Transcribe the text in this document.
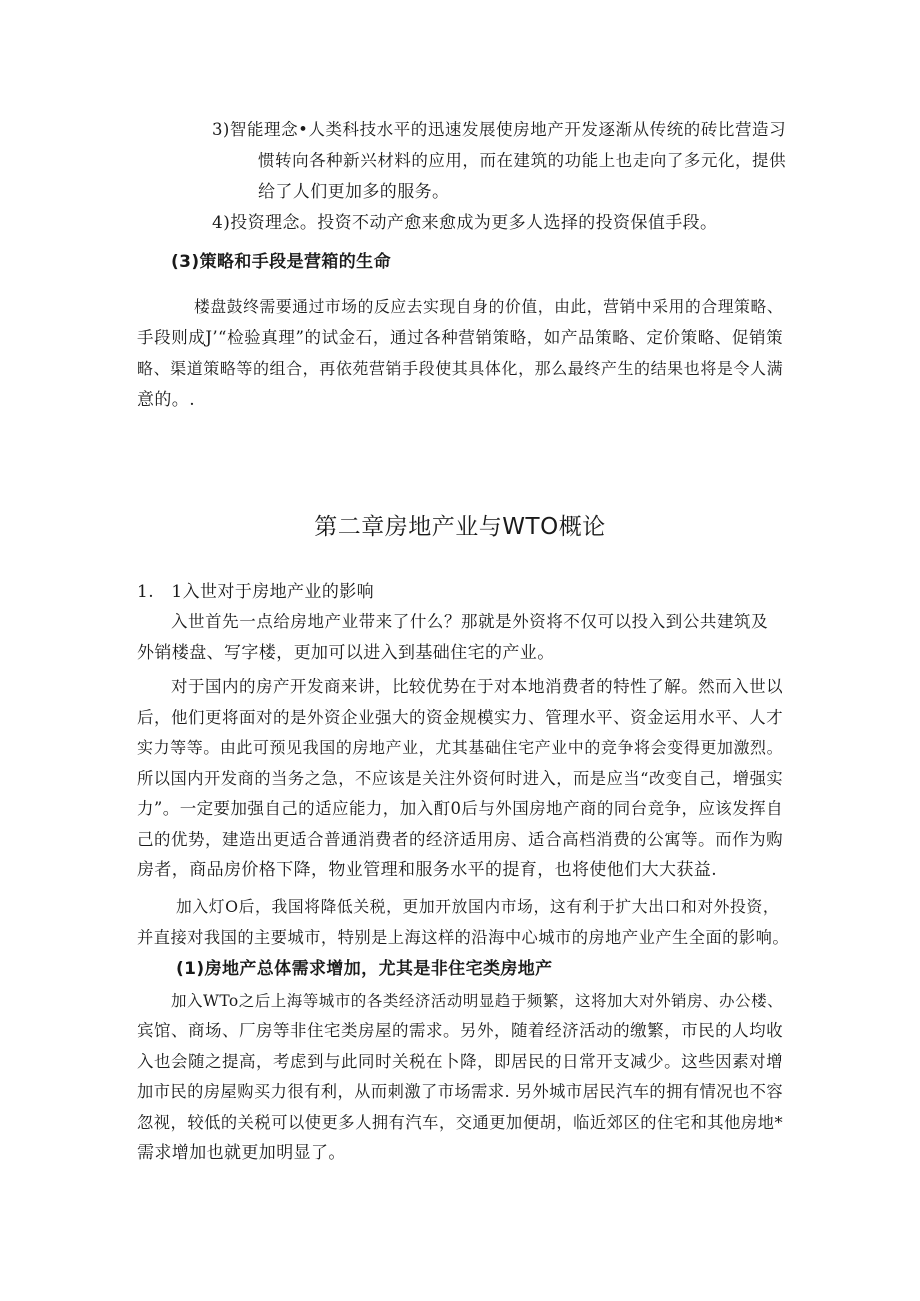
3)智能理念•人类科技水平的迅速发展使房地产开发逐渐从传统的砖比营造习
惯转向各种新兴材料的应用，而在建筑的功能上也走向了多元化，提供
给了人们更加多的服务。
4)投资理念。投资不动产愈来愈成为更多人选择的投资保值手段。
(3)策略和手段是营箱的生命
楼盘鼓终需要通过市场的反应去实现自身的价值，由此，营销中采用的合理策略、
手段则成J’“检验真理”的试金石，通过各种营销策略，如产品策略、定价策略、促销策
略、渠道策略等的组合，再依苑营销手段使其具体化，那么最终产生的结果也将是令人满
意的。.
第二章房地产业与WTO概论
1.　1入世对于房地产业的影响
入世首先一点给房地产业带来了什么？那就是外资将不仅可以投入到公共建筑及
外销楼盘、写字楼，更加可以进入到基础住宅的产业。
对于国内的房产开发商来讲，比较优势在于对本地消费者的特性了解。然而入世以
后，他们更将面对的是外资企业强大的资金规模实力、管理水平、资金运用水平、人才
实力等等。由此可预见我国的房地产业，尤其基础住宅产业中的竞争将会变得更加激烈。
所以国内开发商的当务之急，不应该是关注外资何时进入，而是应当“改变自己，增强实
力”。一定要加强自己的适应能力，加入酊0后与外国房地产商的同台竞争，应该发挥自
己的优势，建造出更适合普通消费者的经济适用房、适合高档消费的公寓等。而作为购
房者，商品房价格下降，物业管理和服务水平的提育，也将使他们大大获益.
加入灯O后，我国将降低关税，更加开放国内市场，这有利于扩大出口和对外投资，
并直接对我国的主要城市，特别是上海这样的沿海中心城市的房地产业产生全面的影响。
(1)房地产总体需求增加，尤其是非住宅类房地产
加入WTo之后上海等城市的各类经济活动明显趋于频繁，这将加大对外销房、办公楼、
宾馆、商场、厂房等非住宅类房屋的需求。另外，随着经济活动的缴繁，市民的人均收
入也会随之提高，考虑到与此同时关税在卜降，即居民的日常开支减少。这些因素对增
加市民的房屋购买力很有利，从而刺激了市场需求. 另外城市居民汽车的拥有情况也不容
忽视，较低的关税可以使更多人拥有汽车，交通更加便胡，临近郊区的住宅和其他房地*
需求增加也就更加明显了。
